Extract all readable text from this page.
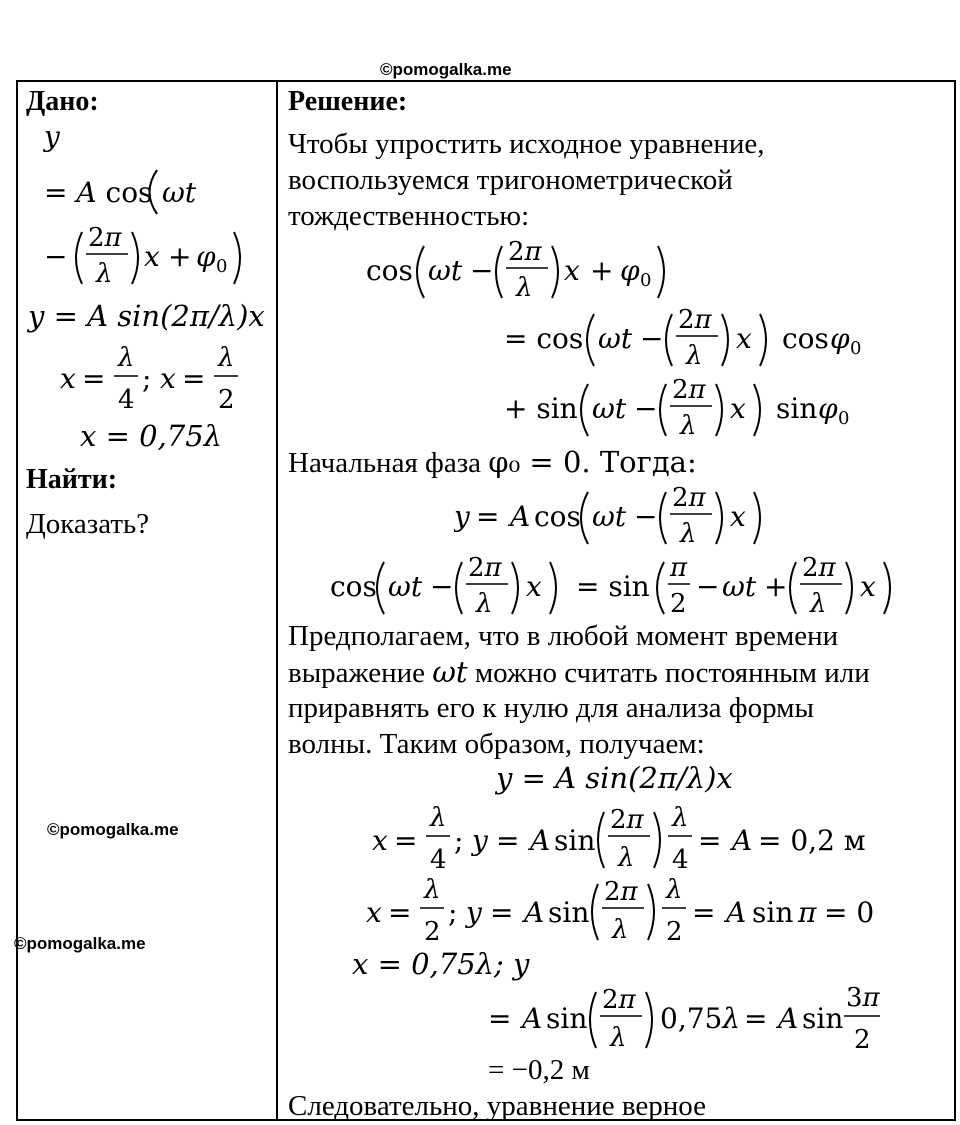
©pomogalka.me
©pomogalka.me
©pomogalka.me
Дано:
y
= A cos ωt
−
2π
λ
x + φ 0
y = A sin(2π/λ)x
x =
λ
4
; x =
λ
2
x = 0,75λ
Найти:
Доказать?
Решение:
Чтобы упростить исходное уравнение,
воспользуемся тригонометрической
тождественностью:
cos ωt −
2π
λ
x + φ 0
= cos ωt −
2π
λ
x cos φ 0
+ sin ωt −
2π
λ
x sin φ 0
Начальная фаза φ₀ = 0. Тогда:
y = A cos ωt −
2π
λ
x
cos ωt −
2π
λ
x = sin
π
2
− ωt +
2π
λ
x
Предполагаем, что в любой момент времени
выражение ωt можно считать постоянным или
приравнять его к нулю для анализа формы
волны. Таким образом, получаем:
y = A sin(2π/λ)x
x =
λ
4
; y = A sin
2π
λ
λ
4
= A = 0,2 м
x =
λ
2
; y = A sin
2π
λ
λ
2
= A sin π = 0
x = 0,75λ; y
= A sin
2π
λ
0,75λ = A sin
3π
2
= −0,2 м
Следовательно, уравнение верное
